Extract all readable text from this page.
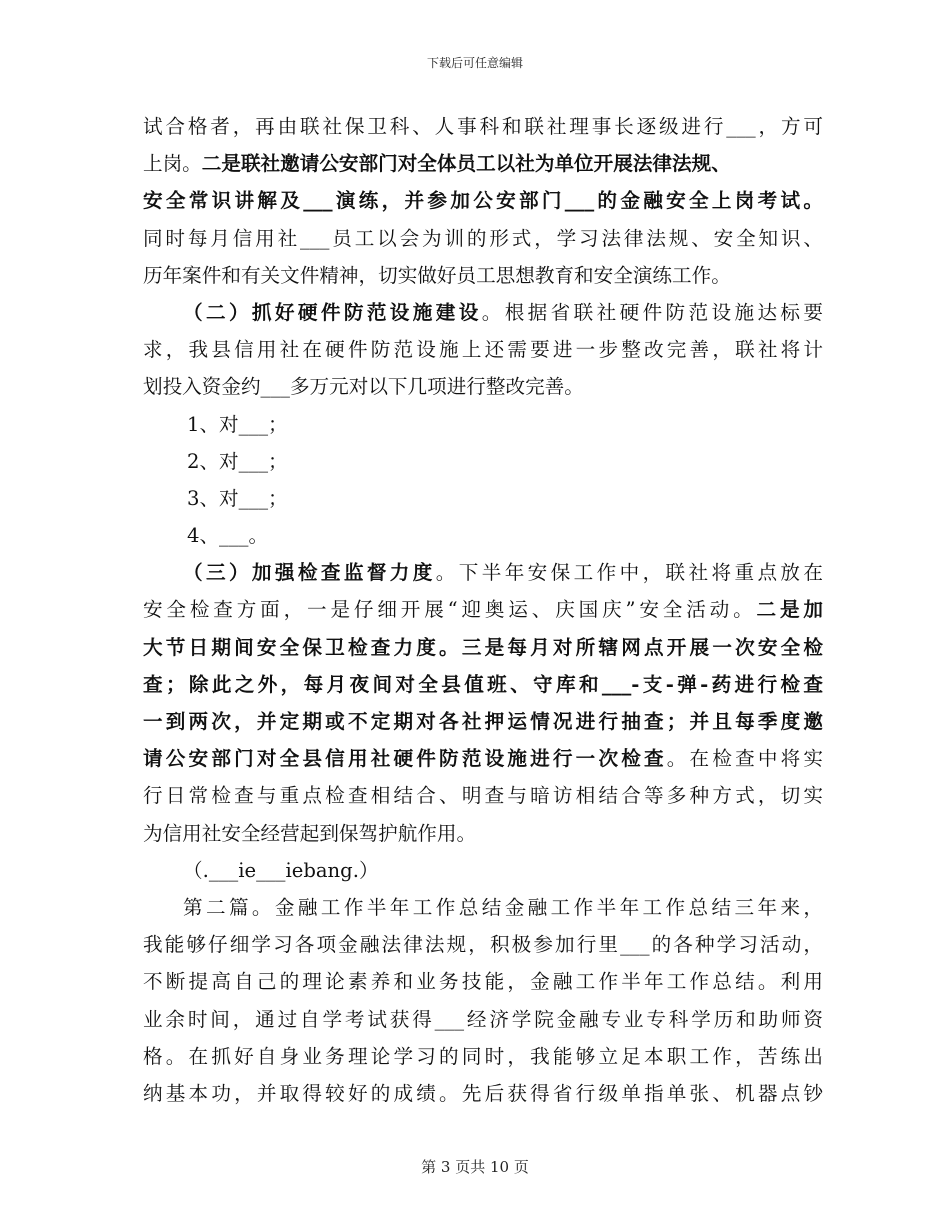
下载后可任意编辑
试合格者，再由联社保卫科、人事科和联社理事长逐级进行___，方可
上岗。二是联社邀请公安部门对全体员工以社为单位开展法律法规、
安全常识讲解及___演练，并参加公安部门___的金融安全上岗考试。
同时每月信用社___员工以会为训的形式，学习法律法规、安全知识、
历年案件和有关文件精神，切实做好员工思想教育和安全演练工作。
（二）抓好硬件防范设施建设。根据省联社硬件防范设施达标要
求，我县信用社在硬件防范设施上还需要进一步整改完善，联社将计
划投入资金约___多万元对以下几项进行整改完善。
1、对___；
2、对___；
3、对___；
4、___。
（三）加强检查监督力度。下半年安保工作中，联社将重点放在
安全检查方面，一是仔细开展“迎奥运、庆国庆”安全活动。二是加
大节日期间安全保卫检查力度。三是每月对所辖网点开展一次安全检
查；除此之外，每月夜间对全县值班、守库和___-支-弹-药进行检查
一到两次，并定期或不定期对各社押运情况进行抽查；并且每季度邀
请公安部门对全县信用社硬件防范设施进行一次检查。在检查中将实
行日常检查与重点检查相结合、明查与暗访相结合等多种方式，切实
为信用社安全经营起到保驾护航作用。
（.___ie___iebang.）
第二篇。金融工作半年工作总结金融工作半年工作总结三年来，
我能够仔细学习各项金融法律法规，积极参加行里___的各种学习活动，
不断提高自己的理论素养和业务技能，金融工作半年工作总结。利用
业余时间，通过自学考试获得___经济学院金融专业专科学历和助师资
格。在抓好自身业务理论学习的同时，我能够立足本职工作，苦练出
纳基本功，并取得较好的成绩。先后获得省行级单指单张、机器点钞
第 3 页共 10 页
